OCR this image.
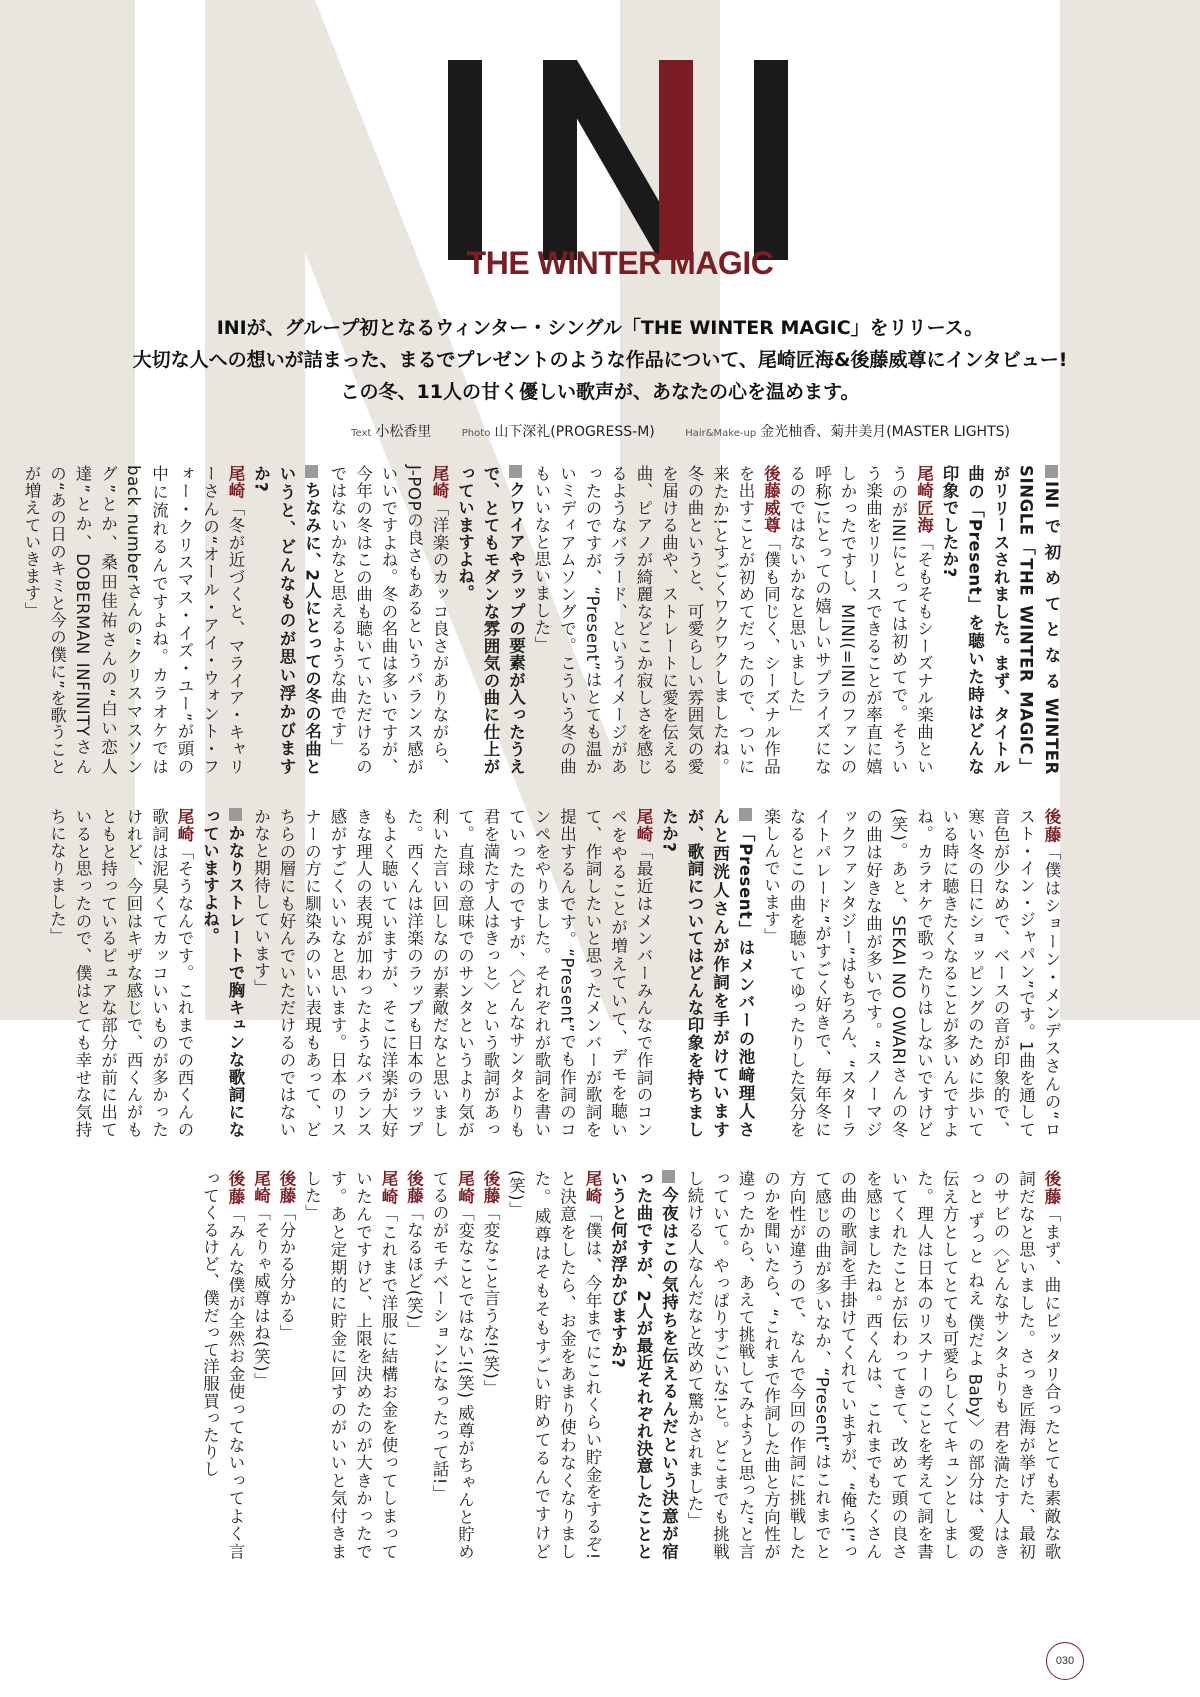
THE WINTER MAGIC
INIが、グループ初となるウィンター・シングル「THE WINTER MAGIC」をリリース。
大切な人への想いが詰まった、まるでプレゼントのような作品について、尾崎匠海&後藤威尊にインタビュー!
この冬、11人の甘く優しい歌声が、あなたの心を温めます。
Text 小松香里	Photo 山下深礼(PROGRESS-M)	Hair&Make-up 金光柚香、菊井美月(MASTER LIGHTS)

INIで初めてとなるWINTER SINGLE「THE WINTER MAGIC」がリリースされました。まず、タイトル曲の「Present」を聴いた時はどんな印象でしたか?

尾崎匠海「そもそもシーズナル楽曲というのがINIにとっては初めてで。そういう楽曲をリリースできることが率直に嬉しかったですし、MINI(=INIのファンの呼称)にとっての嬉しいサプライズになるのではないかなと思いました」

後藤威尊「僕も同じく、シーズナル作品を出すことが初めてだったので、ついに来たか!とすごくワクワクしましたね。冬の曲というと、可愛らしい雰囲気の愛を届ける曲や、ストレートに愛を伝える曲、ピアノが綺麗などこか寂しさを感じるようなバラード、というイメージがあったのですが、“Present”はとても温かいミディアムソングで。こういう冬の曲もいいなと思いました」

クワイアやラップの要素が入ったうえで、とてもモダンな雰囲気の曲に仕上がっていますよね。

尾崎「洋楽のカッコ良さがありながら、J-POPの良さもあるというバランス感がいいですよね。冬の名曲は多いですが、今年の冬はこの曲も聴いていただけるのではないかなと思えるような曲です」

ちなみに、2人にとっての冬の名曲というと、どんなものが思い浮かびますか?

尾崎「冬が近づくと、マライア・キャリーさんの“オール・アイ・ウォント・フォー・クリスマス・イズ・ユー”が頭の中に流れるんですよね。カラオケではback numberさんの“クリスマスソング”とか、桑田佳祐さんの“白い恋人達”とか、DOBERMAN INFINITYさんの“あの日のキミと今の僕に”を歌うことが増えていきます」

後藤「僕はショーン・メンデスさんの“ロスト・イン・ジャパン”です。1曲を通して音色が少なめで、ベースの音が印象的で、寒い冬の日にショッピングのために歩いている時に聴きたくなることが多いんですよね。カラオケで歌ったりはしないですけど(笑)。あと、SEKAI NO OWARIさんの冬の曲は好きな曲が多いです。“スノーマジックファンタジー”はもちろん、“スターライトパレード”がすごく好きで、毎年冬になるとこの曲を聴いてゆったりした気分を楽しんでいます」

「Present」はメンバーの池﨑理人さんと西洸人さんが作詞を手がけていますが、歌詞についてはどんな印象を持ちましたか?

尾崎「最近はメンバーみんなで作詞のコンペをやることが増えていて、デモを聴いて、作詞したいと思ったメンバーが歌詞を提出するんです。“Present”でも作詞のコンペをやりました。それぞれが歌詞を書いていったのですが、〈どんなサンタよりも 君を満たす人はきっと〉という歌詞があって。直球の意味でのサンタというより気が利いた言い回しなのが素敵だなと思いました。西くんは洋楽のラップも日本のラップもよく聴いていますが、そこに洋楽が大好きな理人の表現が加わったようなバランス感がすごくいいなと思います。日本のリスナーの方に馴染みのいい表現もあって、どちらの層にも好んでいただけるのではないかなと期待しています」

かなりストレートで胸キュンな歌詞になっていますよね。

尾崎「そうなんです。これまでの西くんの歌詞は泥臭くてカッコいいものが多かったけれど、今回はキザな感じで、西くんがもともと持っているピュアな部分が前に出ていると思ったので、僕はとても幸せな気持ちになりました」

後藤「まず、曲にピッタリ合ったとても素敵な歌詞だなと思いました。さっき匠海が挙げた、最初のサビの〈どんなサンタよりも 君を満たす人はきっと ずっと ねえ 僕だよ Baby〉の部分は、愛の伝え方としてとても可愛らしくてキュンとしました。理人は日本のリスナーのことを考えて詞を書いてくれたことが伝わってきて、改めて頭の良さを感じましたね。西くんは、これまでもたくさんの曲の歌詞を手掛けてくれていますが、“俺ら!”って感じの曲が多いなか、“Present”はこれまでと方向性が違うので、なんで今回の作詞に挑戦したのかを聞いたら、“これまで作詞した曲と方向性が違ったから、あえて挑戦してみようと思った”と言っていて。やっぱりすごいな!と。どこまでも挑戦し続ける人なんだなと改めて驚かされました」

今夜はこの気持ちを伝えるんだという決意が宿った曲ですが、2人が最近それぞれ決意したことというと何が浮かびますか?

尾崎「僕は、今年までにこれくらい貯金をするぞ!と決意をしたら、お金をあまり使わなくなりました。威尊はそもそもすごい貯めてるんですけど(笑)」

後藤「変なこと言うな!(笑)」

尾崎「変なことではない!(笑) 威尊がちゃんと貯めてるのがモチベーションになったって話!」

後藤「なるほど(笑)」

尾崎「これまで洋服に結構お金を使ってしまっていたんですけど、上限を決めたのが大きかったです。あと定期的に貯金に回すのがいいと気付きました」

後藤「分かる分かる」

尾崎「そりゃ威尊はね(笑)」

後藤「みんな僕が全然お金使ってないってよく言ってくるけど、僕だって洋服買ったりし

030
